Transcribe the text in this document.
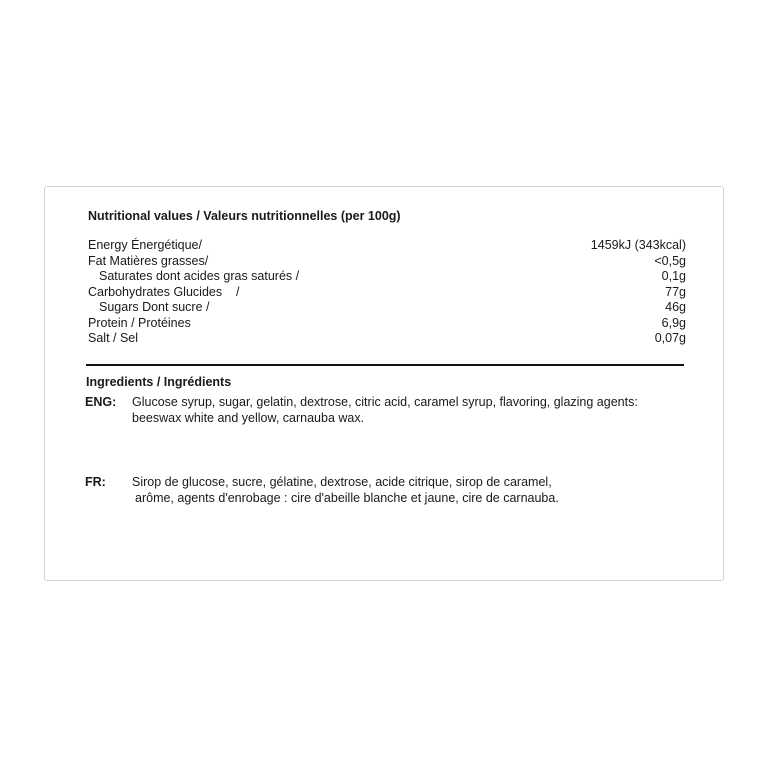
Nutritional values / Valeurs nutritionnelles (per 100g)
Energy Énergétique/	1459kJ (343kcal)
Fat Matières grasses/	<0,5g
Saturates dont acides gras saturés /	0,1g
Carbohydrates Glucides    /	77g
Sugars Dont sucre /	46g
Protein / Protéines	6,9g
Salt / Sel	0,07g
Ingredients / Ingrédients
ENG: Glucose syrup, sugar, gelatin, dextrose, citric acid, caramel syrup, flavoring, glazing agents:
beeswax white and yellow, carnauba wax.
FR: Sirop de glucose, sucre, gélatine, dextrose, acide citrique, sirop de caramel,
arôme, agents d'enrobage : cire d'abeille blanche et jaune, cire de carnauba.
